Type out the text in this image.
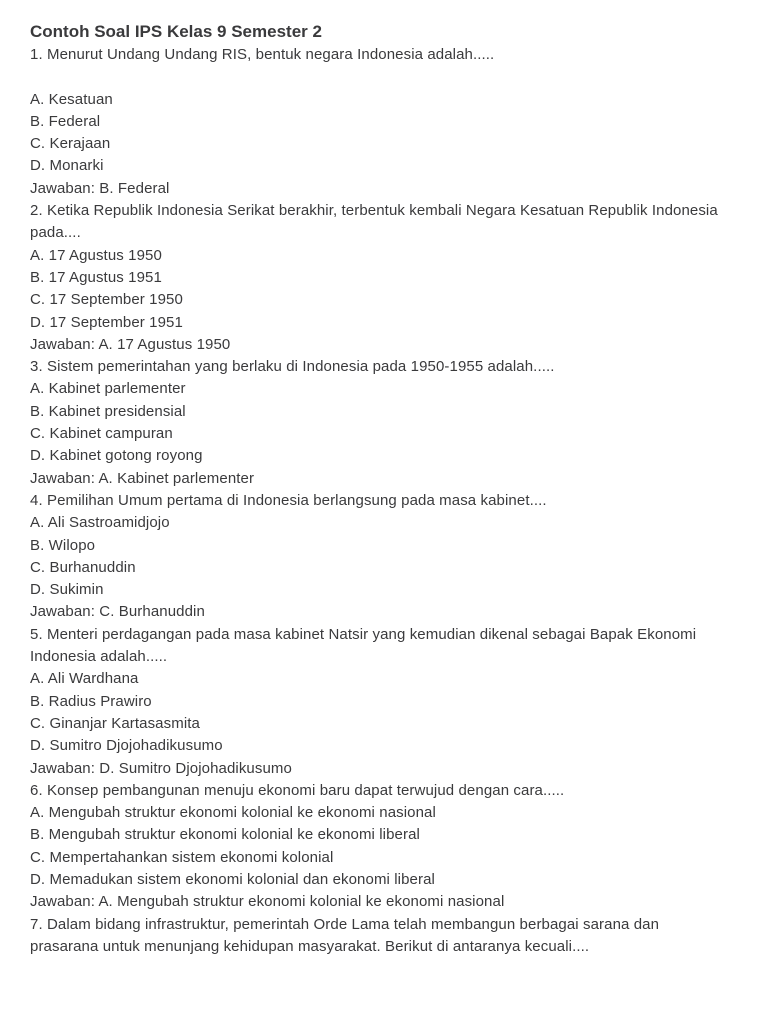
Contoh Soal IPS Kelas 9 Semester 2
1. Menurut Undang Undang RIS, bentuk negara Indonesia adalah.....
A. Kesatuan
B. Federal
C. Kerajaan
D. Monarki
Jawaban: B. Federal
2. Ketika Republik Indonesia Serikat berakhir, terbentuk kembali Negara Kesatuan Republik Indonesia pada....
A. 17 Agustus 1950
B. 17 Agustus 1951
C. 17 September 1950
D. 17 September 1951
Jawaban: A. 17 Agustus 1950
3. Sistem pemerintahan yang berlaku di Indonesia pada 1950-1955 adalah.....
A. Kabinet parlementer
B. Kabinet presidensial
C. Kabinet campuran
D. Kabinet gotong royong
Jawaban: A. Kabinet parlementer
4. Pemilihan Umum pertama di Indonesia berlangsung pada masa kabinet....
A. Ali Sastroamidjojo
B. Wilopo
C. Burhanuddin
D. Sukimin
Jawaban: C. Burhanuddin
5. Menteri perdagangan pada masa kabinet Natsir yang kemudian dikenal sebagai Bapak Ekonomi Indonesia adalah.....
A. Ali Wardhana
B. Radius Prawiro
C. Ginanjar Kartasasmita
D. Sumitro Djojohadikusumo
Jawaban: D. Sumitro Djojohadikusumo
6. Konsep pembangunan menuju ekonomi baru dapat terwujud dengan cara.....
A. Mengubah struktur ekonomi kolonial ke ekonomi nasional
B. Mengubah struktur ekonomi kolonial ke ekonomi liberal
C. Mempertahankan sistem ekonomi kolonial
D. Memadukan sistem ekonomi kolonial dan ekonomi liberal
Jawaban: A. Mengubah struktur ekonomi kolonial ke ekonomi nasional
7. Dalam bidang infrastruktur, pemerintah Orde Lama telah membangun berbagai sarana dan prasarana untuk menunjang kehidupan masyarakat. Berikut di antaranya kecuali....
